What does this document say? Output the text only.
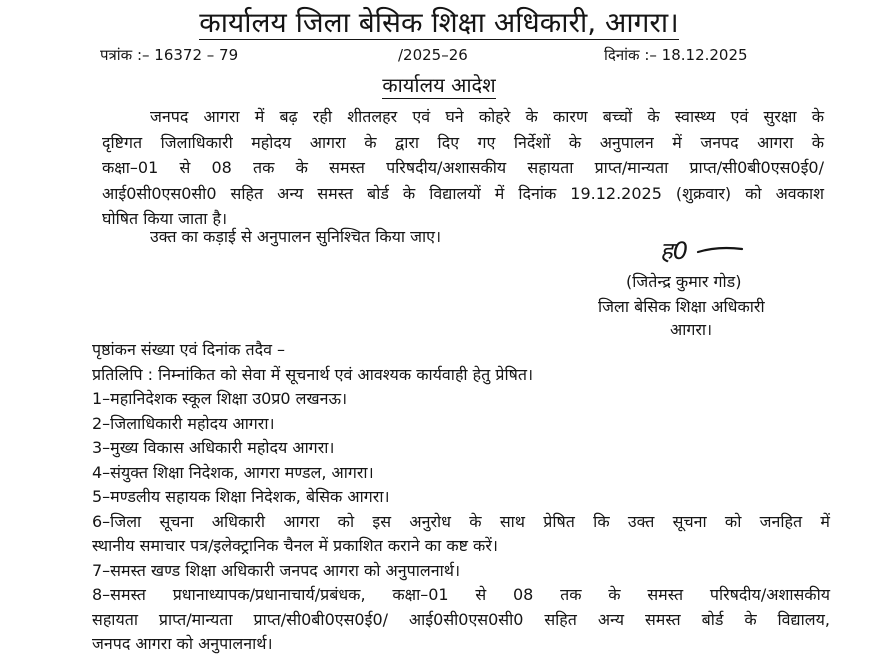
कार्यालय जिला बेसिक शिक्षा अधिकारी, आगरा।
पत्रांक :– 16372 – 79	/2025–26	दिनांक :– 18.12.2025
कार्यालय आदेश
जनपद आगरा में बढ़ रही शीतलहर एवं घने कोहरे के कारण बच्चों के स्वास्थ्य एवं सुरक्षा के
दृष्टिगत जिलाधिकारी महोदय आगरा के द्वारा दिए गए निर्देशों के अनुपालन में जनपद आगरा के
कक्षा–01 से 08 तक के समस्त परिषदीय/अशासकीय सहायता प्राप्त/मान्यता प्राप्त/सी0बी0एस0ई0/
आई0सी0एस0सी0 सहित अन्य समस्त बोर्ड के विद्यालयों में दिनांक 19.12.2025 (शुक्रवार) को अवकाश
घोषित किया जाता है।
उक्त का कड़ाई से अनुपालन सुनिश्चित किया जाए।
ह0
(जितेन्द्र कुमार गोड)
जिला बेसिक शिक्षा अधिकारी
आगरा।
पृष्ठांकन संख्या एवं दिनांक तदैव –
प्रतिलिपि : निम्नांकित को सेवा में सूचनार्थ एवं आवश्यक कार्यवाही हेतु प्रेषित।
1–महानिदेशक स्कूल शिक्षा उ0प्र0 लखनऊ।
2–जिलाधिकारी महोदय आगरा।
3–मुख्य विकास अधिकारी महोदय आगरा।
4–संयुक्त शिक्षा निदेशक, आगरा मण्डल, आगरा।
5–मण्डलीय सहायक शिक्षा निदेशक, बेसिक आगरा।
6–जिला सूचना अधिकारी आगरा को इस अनुरोध के साथ प्रेषित कि उक्त सूचना को जनहित में
स्थानीय समाचार पत्र/इलेक्ट्रानिक चैनल में प्रकाशित कराने का कष्ट करें।
7–समस्त खण्ड शिक्षा अधिकारी जनपद आगरा को अनुपालनार्थ।
8–समस्त प्रधानाध्यापक/प्रधानाचार्य/प्रबंधक, कक्षा–01 से 08 तक के समस्त परिषदीय/अशासकीय
सहायता प्राप्त/मान्यता प्राप्त/सी0बी0एस0ई0/ आई0सी0एस0सी0 सहित अन्य समस्त बोर्ड के विद्यालय,
जनपद आगरा को अनुपालनार्थ।
